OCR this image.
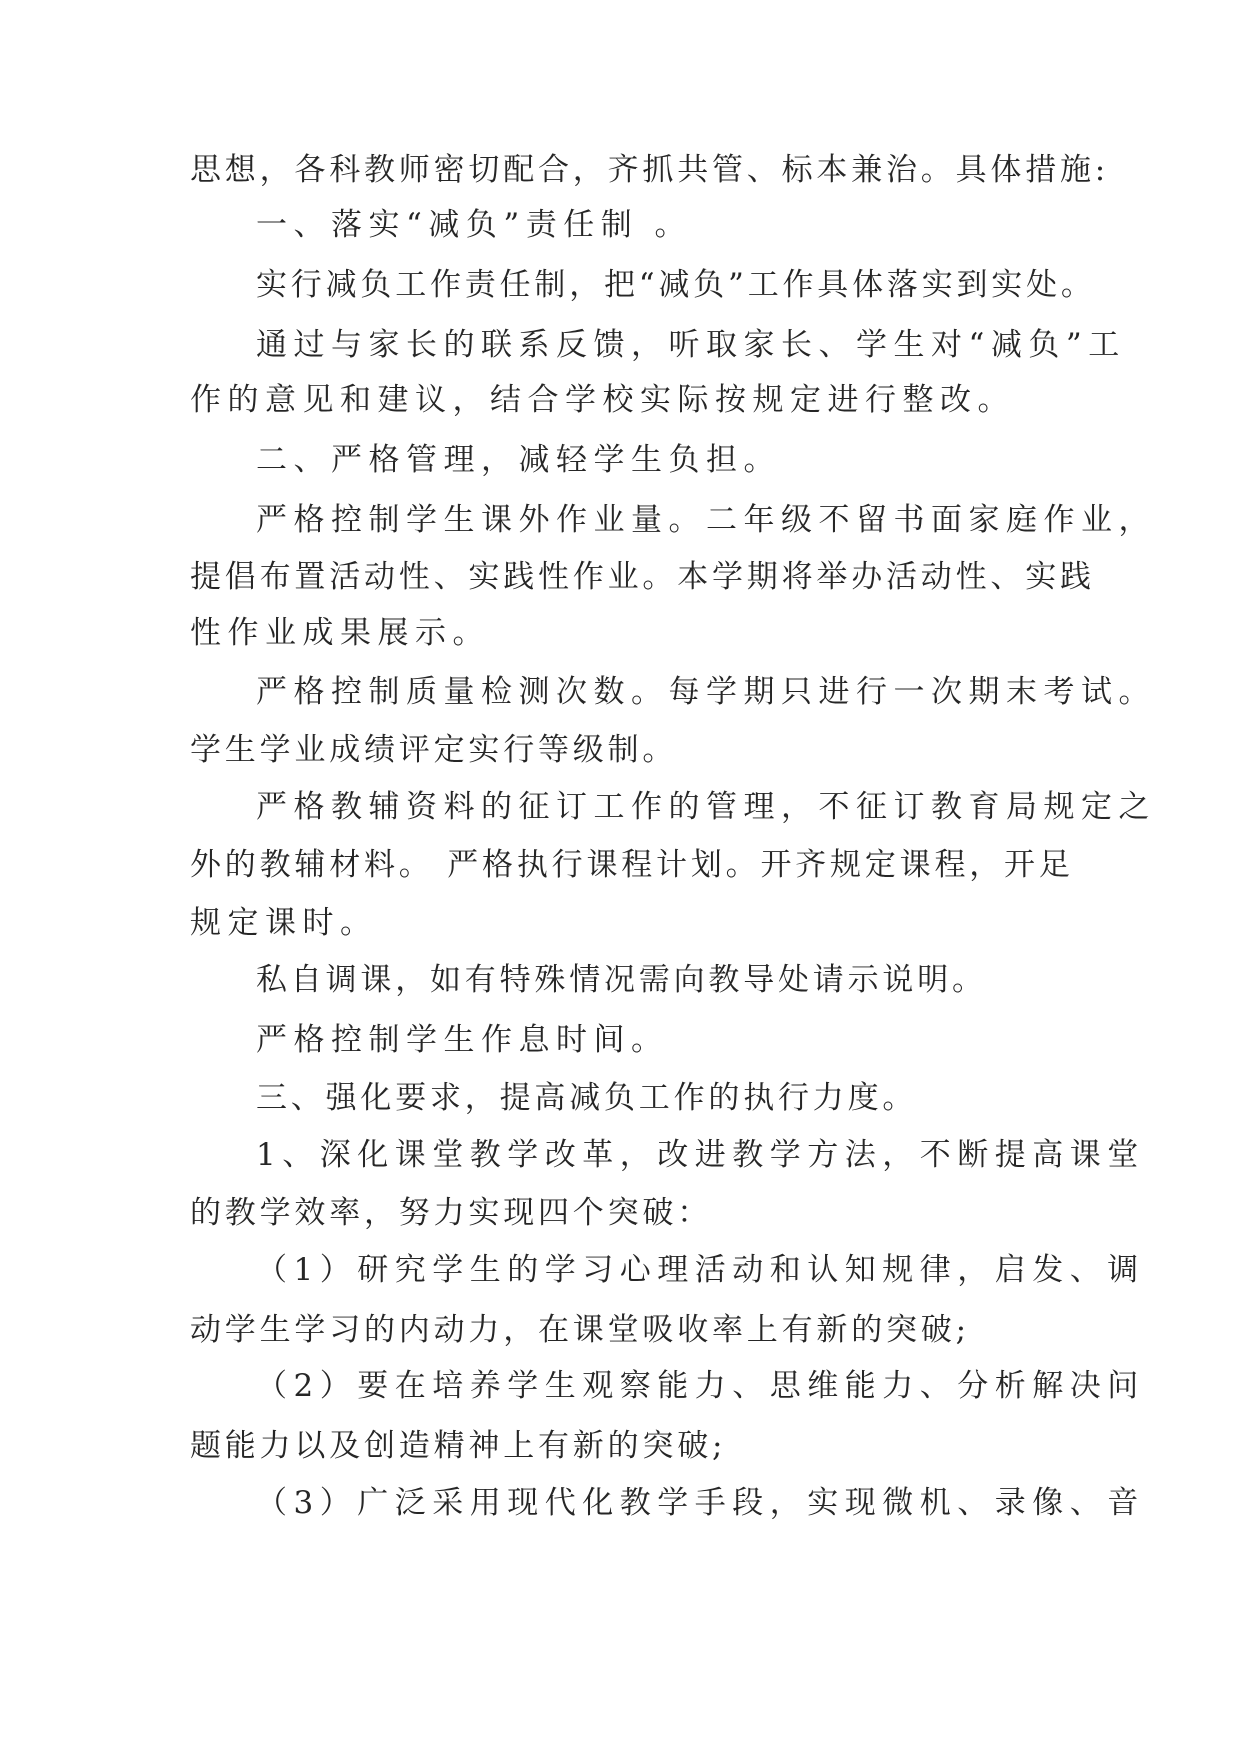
思想，各科教师密切配合，齐抓共管、标本兼治。具体措施:
一、落实“减负”责任制 。
实行减负工作责任制，把“减负”工作具体落实到实处。
通过与家长的联系反馈，听取家长、学生对“减负”工
作的意见和建议，结合学校实际按规定进行整改。
二、严格管理，减轻学生负担。
严格控制学生课外作业量。二年级不留书面家庭作业，
提倡布置活动性、实践性作业。本学期将举办活动性、实践
性作业成果展示。
严格控制质量检测次数。每学期只进行一次期末考试。
学生学业成绩评定实行等级制。
严格教辅资料的征订工作的管理，不征订教育局规定之
外的教辅材料。 严格执行课程计划。开齐规定课程，开足
规定课时。
私自调课，如有特殊情况需向教导处请示说明。
严格控制学生作息时间。
三、强化要求，提高减负工作的执行力度。
1、深化课堂教学改革，改进教学方法，不断提高课堂
的教学效率，努力实现四个突破：
（1）研究学生的学习心理活动和认知规律，启发、调
动学生学习的内动力，在课堂吸收率上有新的突破;
（2）要在培养学生观察能力、思维能力、分析解决问
题能力以及创造精神上有新的突破;
（3）广泛采用现代化教学手段，实现微机、录像、音
